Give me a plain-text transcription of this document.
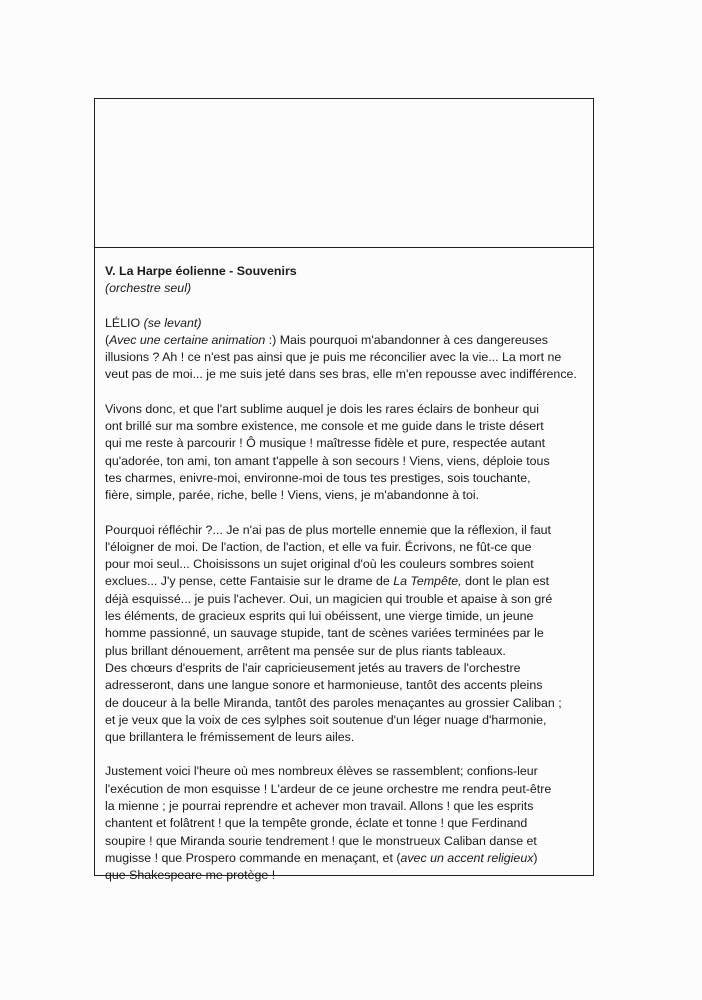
V. La Harpe éolienne - Souvenirs

(orchestre seul)

LÉLIO (se levant)

(Avec une certaine animation :) Mais pourquoi m'abandonner à ces dangereuses
illusions ? Ah ! ce n'est pas ainsi que je puis me réconcilier avec la vie... La mort ne
veut pas de moi... je me suis jeté dans ses bras, elle m'en repousse avec indifférence.

Vivons donc, et que l'art sublime auquel je dois les rares éclairs de bonheur qui
ont brillé sur ma sombre existence, me console et me guide dans le triste désert
qui me reste à parcourir ! Ô musique ! maîtresse fidèle et pure, respectée autant
qu'adorée, ton ami, ton amant t'appelle à son secours ! Viens, viens, déploie tous
tes charmes, enivre-moi, environne-moi de tous tes prestiges, sois touchante,
fière, simple, parée, riche, belle ! Viens, viens, je m'abandonne à toi.

Pourquoi réfléchir ?... Je n'ai pas de plus mortelle ennemie que la réflexion, il faut
l'éloigner de moi. De l'action, de l'action, et elle va fuir. Écrivons, ne fût-ce que
pour moi seul... Choisissons un sujet original d'où les couleurs sombres soient
exclues... J'y pense, cette Fantaisie sur le drame de La Tempête, dont le plan est
déjà esquissé... je puis l'achever. Oui, un magicien qui trouble et apaise à son gré
les éléments, de gracieux esprits qui lui obéissent, une vierge timide, un jeune
homme passionné, un sauvage stupide, tant de scènes variées terminées par le
plus brillant dénouement, arrêtent ma pensée sur de plus riants tableaux.
Des chœurs d'esprits de l'air capricieusement jetés au travers de l'orchestre
adresseront, dans une langue sonore et harmonieuse, tantôt des accents pleins
de douceur à la belle Miranda, tantôt des paroles menaçantes au grossier Caliban ;
et je veux que la voix de ces sylphes soit soutenue d'un léger nuage d'harmonie,
que brillantera le frémissement de leurs ailes.

Justement voici l'heure où mes nombreux élèves se rassemblent; confions-leur
l'exécution de mon esquisse ! L'ardeur de ce jeune orchestre me rendra peut-être
la mienne ; je pourrai reprendre et achever mon travail. Allons ! que les esprits
chantent et folâtrent ! que la tempête gronde, éclate et tonne ! que Ferdinand
soupire ! que Miranda sourie tendrement ! que le monstrueux Caliban danse et
mugisse ! que Prospero commande en menaçant, et (avec un accent religieux)
que Shakespeare me protège !
